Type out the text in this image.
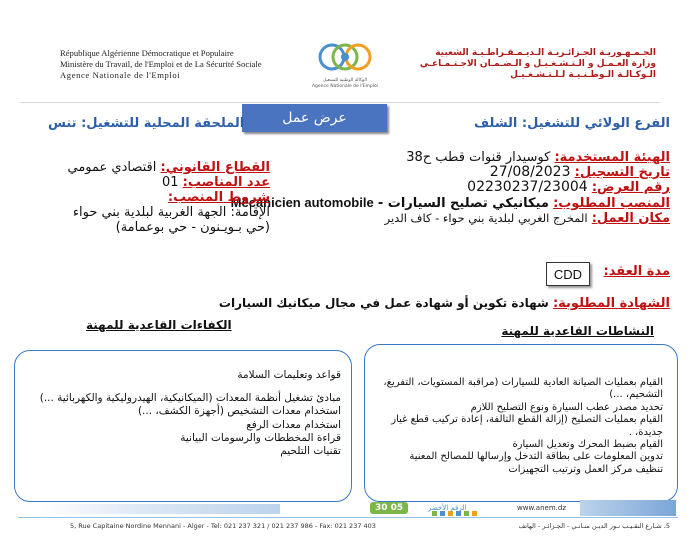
République Algérienne Démocratique et Populaire
Ministère du Travail, de l'Emploi et de La Sécurité Sociale
Agence Nationale de l'Emploi
الوكالة الوطنية للتشغيل
Agence Nationale de l'Emploi
الجـمـهـوريـة الجـزائـريـة الـديـمـقـراطـيـة الشعبية
وزارة العـمـل و الـتـشـغـيـل و الـضـمـان الاجـتـمـاعـي
الـوكـالـة الـوطـنـيـة لـلـتـشـغـيـل
عرض عمل	الفرع الولائي للتشغيل: الشلف
الملحقة المحلية للتشغيل: تنس
الهيئة المستخدمة: كوسيدار قنوات قطب ح38
تاريخ التسجيل: 27/08/2023
رقم العرض: 02230237/23004
المنصب المطلوب: ميكانيكي تصليح السيارات - Mécanicien automobile
مكان العمل: المخرج الغربي لبلدية بني حواء - كاف الدير
مدة العقد:
CDD
القطاع القانوني: اقتصادي عمومي
عدد المناصب: 01
شروط المنصب:
الإقامة: الجهة الغربية لبلدية بني حواء
(حي بـويـنون - حي بوعمامة)
الشهادة المطلوبة: شهادة تكوين أو شهادة عمل في مجال ميكانيك السيارات
الكفاءات القاعدية للمهنة	النشاطات القاعدية للمهنة
قواعد وتعليمات السلامة
مبادئ تشغيل أنظمة المعدات (الميكانيكية، الهيدروليكية والكهربائية ...)
استخدام معدات التشخيص (أجهزة الكشف، ...)
استخدام معدات الرفع
قراءة المخططات والرسومات البيانية
تقنيات التلحيم
القيام بعمليات الصيانة العادية للسيارات (مراقبة المستويات، التفريغ،
التشحيم، ...)
تحديد مصدر عطب السيارة ونوع التصليح اللازم
القيام بعمليات التصليح (إزالة القطع التالفة، إعادة تركيب قطع غيار جديدة، .
القيام بضبط المحرك وتعديل السيارة
تدوين المعلومات على بطاقة التدخل وإرسالها للمصالح المعنية
تنظيف مركز العمل وترتيب التجهيزات
الرقم الأخضر
30 05	www.anem.dz
5, Rue Capitaine Nordine Mennani - Alger - Tel: 021 237 321 / 021 237 986 - Fax: 021 237 403	5، شـارع النقـيـب نـور الديـن منـانـي - الجـزائـر - الهاتف
